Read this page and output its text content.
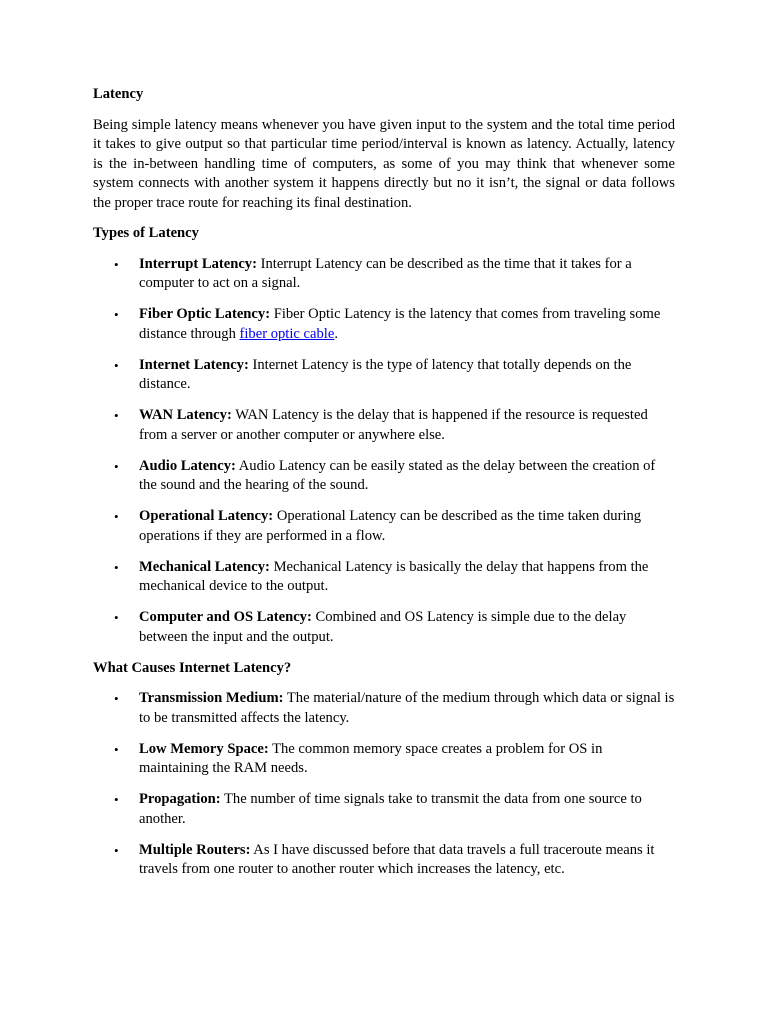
Latency

Being simple latency means whenever you have given input to the system and the total time period it takes to give output so that particular time period/interval is known as latency. Actually, latency is the in-between handling time of computers, as some of you may think that whenever some system connects with another system it happens directly but no it isn’t, the signal or data follows the proper trace route for reaching its final destination.

Types of Latency

• Interrupt Latency: Interrupt Latency can be described as the time that it takes for a computer to act on a signal.
• Fiber Optic Latency: Fiber Optic Latency is the latency that comes from traveling some distance through fiber optic cable.
• Internet Latency: Internet Latency is the type of latency that totally depends on the distance.
• WAN Latency: WAN Latency is the delay that is happened if the resource is requested from a server or another computer or anywhere else.
• Audio Latency: Audio Latency can be easily stated as the delay between the creation of the sound and the hearing of the sound.
• Operational Latency: Operational Latency can be described as the time taken during operations if they are performed in a flow.
• Mechanical Latency: Mechanical Latency is basically the delay that happens from the mechanical device to the output.
• Computer and OS Latency: Combined and OS Latency is simple due to the delay between the input and the output.

What Causes Internet Latency?

• Transmission Medium: The material/nature of the medium through which data or signal is to be transmitted affects the latency.
• Low Memory Space: The common memory space creates a problem for OS in maintaining the RAM needs.
• Propagation: The number of time signals take to transmit the data from one source to another.
• Multiple Routers: As I have discussed before that data travels a full traceroute means it travels from one router to another router which increases the latency, etc.
